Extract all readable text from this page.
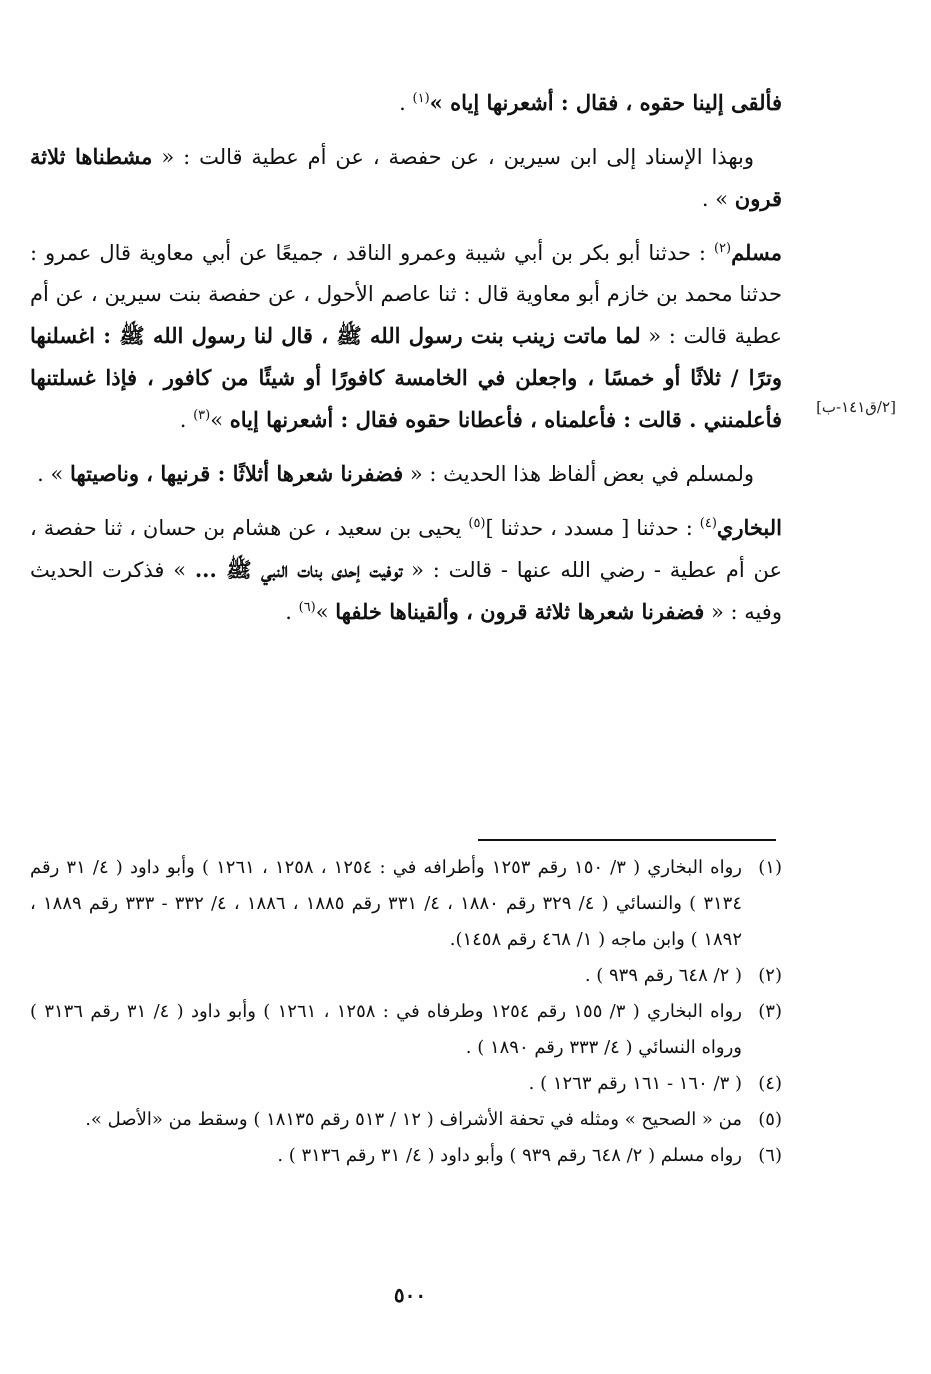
[٢/ق١٤١-ب]

فألقى إلينا حقوه ، فقال : أشعرنها إياه »$^{(١)}$ .

وبهذا الإسناد إلى ابن سيرين ، عن حفصة ، عن أم عطية قالت : « مشطناها ثلاثة قرون » .

مسلم$^{(٢)}$ : حدثنا أبو بكر بن أبي شيبة وعمرو الناقد ، جميعًا عن أبي معاوية قال عمرو : حدثنا محمد بن خازم أبو معاوية قال : ثنا عاصم الأحول ، عن حفصة بنت سيرين ، عن أم عطية قالت : « لما ماتت زينب بنت رسول الله ﷺ ، قال لنا رسول الله ﷺ : اغسلنها وترًا / ثلاثًا أو خمسًا ، واجعلن في الخامسة كافورًا أو شيئًا من كافور ، فإذا غسلتنها فأعلمنني . قالت : فأعلمناه ، فأعطانا حقوه فقال : أشعرنها إياه »$^{(٣)}$ .

ولمسلم في بعض ألفاظ هذا الحديث : « فضفرنا شعرها أثلاثًا : قرنيها ، وناصيتها » .

البخاري$^{(٤)}$ : حدثنا [ مسدد ، حدثنا ]$^{(٥)}$ يحيى بن سعيد ، عن هشام بن حسان ، ثنا حفصة ، عن أم عطية - رضي الله عنها - قالت : « توفيت إحدى بنات النبي ﷺ ... » فذكرت الحديث وفيه : « فضفرنا شعرها ثلاثة قرون ، وألقيناها خلفها »$^{(٦)}$ .

(١)رواه البخاري ( ٣/ ١٥٠ رقم ١٢٥٣ وأطرافه في : ١٢٥٤ ، ١٢٥٨ ، ١٢٦١ ) وأبو داود ( ٤/ ٣١ رقم ٣١٣٤ ) والنسائي ( ٤/ ٣٢٩ رقم ١٨٨٠ ، ٤/ ٣٣١ رقم ١٨٨٥ ، ١٨٨٦ ، ٤/ ٣٣٢ - ٣٣٣ رقم ١٨٨٩ ، ١٨٩٢ ) وابن ماجه ( ١/ ٤٦٨ رقم ١٤٥٨).

(٢)( ٢/ ٦٤٨ رقم ٩٣٩ ) .

(٣)رواه البخاري ( ٣/ ١٥٥ رقم ١٢٥٤ وطرفاه في : ١٢٥٨ ، ١٢٦١ ) وأبو داود ( ٤/ ٣١ رقم ٣١٣٦ ) ورواه النسائي ( ٤/ ٣٣٣ رقم ١٨٩٠ ) .

(٤)( ٣/ ١٦٠ - ١٦١ رقم ١٢٦٣ ) .

(٥)من « الصحيح » ومثله في تحفة الأشراف ( ١٢ / ٥١٣ رقم ١٨١٣٥ ) وسقط من «الأصل ».

(٦)رواه مسلم ( ٢/ ٦٤٨ رقم ٩٣٩ ) وأبو داود ( ٤/ ٣١ رقم ٣١٣٦ ) .

٥٠٠
